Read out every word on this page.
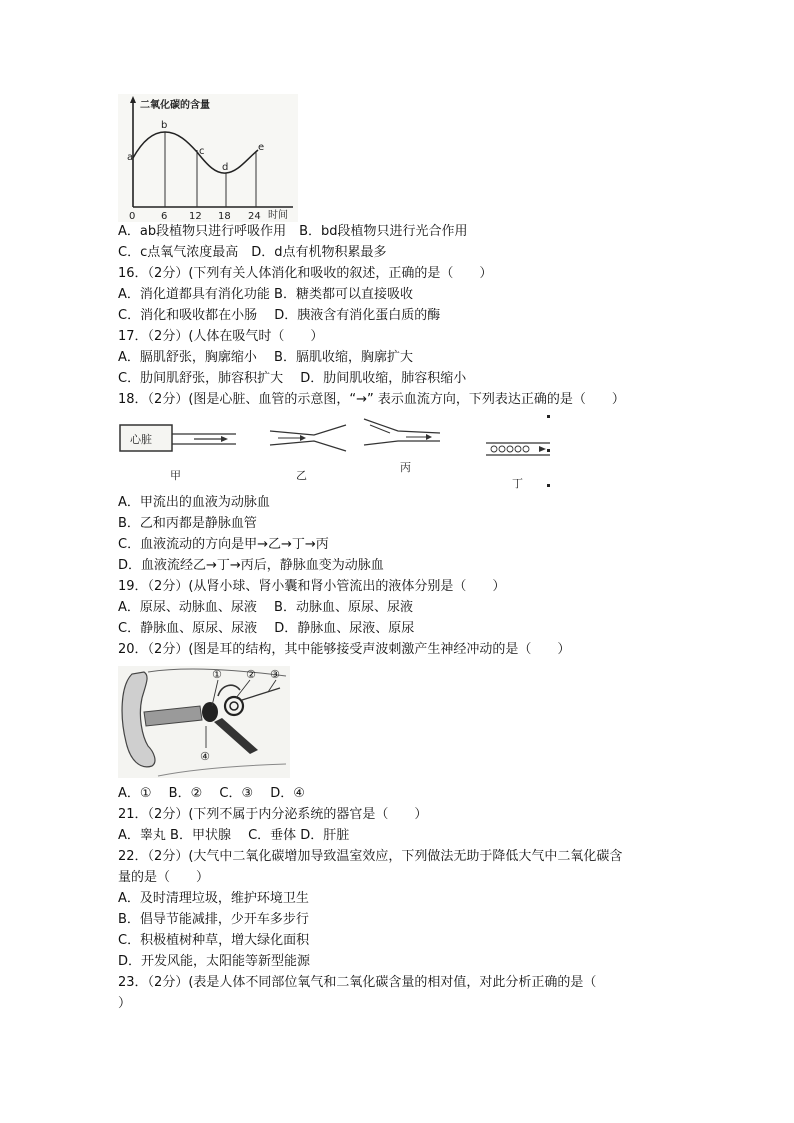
二氧化碳的含量
时间
0	6 12 18 24
a
b
c
d
e
A．ab段植物只进行呼吸作用　B．bd段植物只进行光合作用
C．c点氧气浓度最高　D．d点有机物积累最多
16．（2分）(下列有关人体消化和吸收的叙述，正确的是（　　）
A．消化道都具有消化功能 B．糖类都可以直接吸收
C．消化和吸收都在小肠　 D．胰液含有消化蛋白质的酶
17．（2分）(人体在吸气时（　　）
A．膈肌舒张，胸廓缩小　 B．膈肌收缩，胸廓扩大
C．肋间肌舒张，肺容积扩大　 D．肋间肌收缩，肺容积缩小
18．（2分）(图是心脏、血管的示意图，“→” 表示血流方向，下列表达正确的是（　　）
心脏
甲	乙
丙
丁
A．甲流出的血液为动脉血
B．乙和丙都是静脉血管
C．血液流动的方向是甲→乙→丁→丙
D．血液流经乙→丁→丙后，静脉血变为动脉血
19．（2分）(从肾小球、肾小囊和肾小管流出的液体分别是（　　）
A．原尿、动脉血、尿液　 B．动脉血、原尿、尿液
C．静脉血、原尿、尿液　 D．静脉血、尿液、原尿
20．（2分）(图是耳的结构，其中能够接受声波刺激产生神经冲动的是（　　）
① ② ③
④
A．①　 B．②　 C．③　 D．④
21．（2分）(下列不属于内分泌系统的器官是（　　）
A．睾丸 B．甲状腺　 C．垂体 D．肝脏
22．（2分）(大气中二氧化碳增加导致温室效应，下列做法无助于降低大气中二氧化碳含
量的是（　　）
A．及时清理垃圾，维护环境卫生
B．倡导节能减排，少开车多步行
C．积极植树种草，增大绿化面积
D．开发风能，太阳能等新型能源
23．（2分）(表是人体不同部位氧气和二氧化碳含量的相对值，对此分析正确的是（
）
